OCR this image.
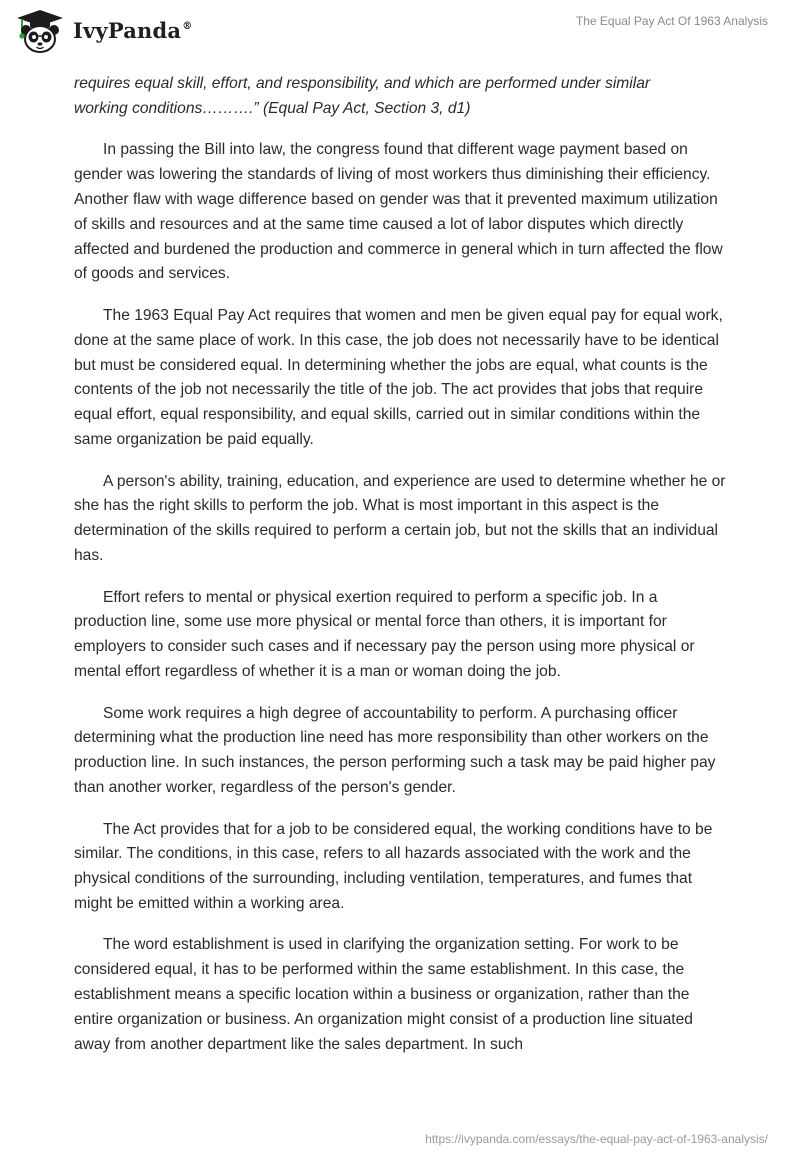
IvyPanda®	The Equal Pay Act Of 1963 Analysis

requires equal skill, effort, and responsibility, and which are performed under similar
working conditions……….” (Equal Pay Act, Section 3, d1)

In passing the Bill into law, the congress found that different wage payment based on gender was lowering the standards of living of most workers thus diminishing their efficiency. Another flaw with wage difference based on gender was that it prevented maximum utilization of skills and resources and at the same time caused a lot of labor disputes which directly affected and burdened the production and commerce in general which in turn affected the flow of goods and services.

The 1963 Equal Pay Act requires that women and men be given equal pay for equal work, done at the same place of work. In this case, the job does not necessarily have to be identical but must be considered equal. In determining whether the jobs are equal, what counts is the contents of the job not necessarily the title of the job. The act provides that jobs that require equal effort, equal responsibility, and equal skills, carried out in similar conditions within the same organization be paid equally.

A person's ability, training, education, and experience are used to determine whether he or she has the right skills to perform the job. What is most important in this aspect is the determination of the skills required to perform a certain job, but not the skills that an individual has.

Effort refers to mental or physical exertion required to perform a specific job. In a production line, some use more physical or mental force than others, it is important for employers to consider such cases and if necessary pay the person using more physical or mental effort regardless of whether it is a man or woman doing the job.

Some work requires a high degree of accountability to perform. A purchasing officer determining what the production line need has more responsibility than other workers on the production line. In such instances, the person performing such a task may be paid higher pay than another worker, regardless of the person's gender.

The Act provides that for a job to be considered equal, the working conditions have to be similar. The conditions, in this case, refers to all hazards associated with the work and the physical conditions of the surrounding, including ventilation, temperatures, and fumes that might be emitted within a working area.

The word establishment is used in clarifying the organization setting. For work to be considered equal, it has to be performed within the same establishment. In this case, the establishment means a specific location within a business or organization, rather than the entire organization or business. An organization might consist of a production line situated away from another department like the sales department. In such

https://ivypanda.com/essays/the-equal-pay-act-of-1963-analysis/
